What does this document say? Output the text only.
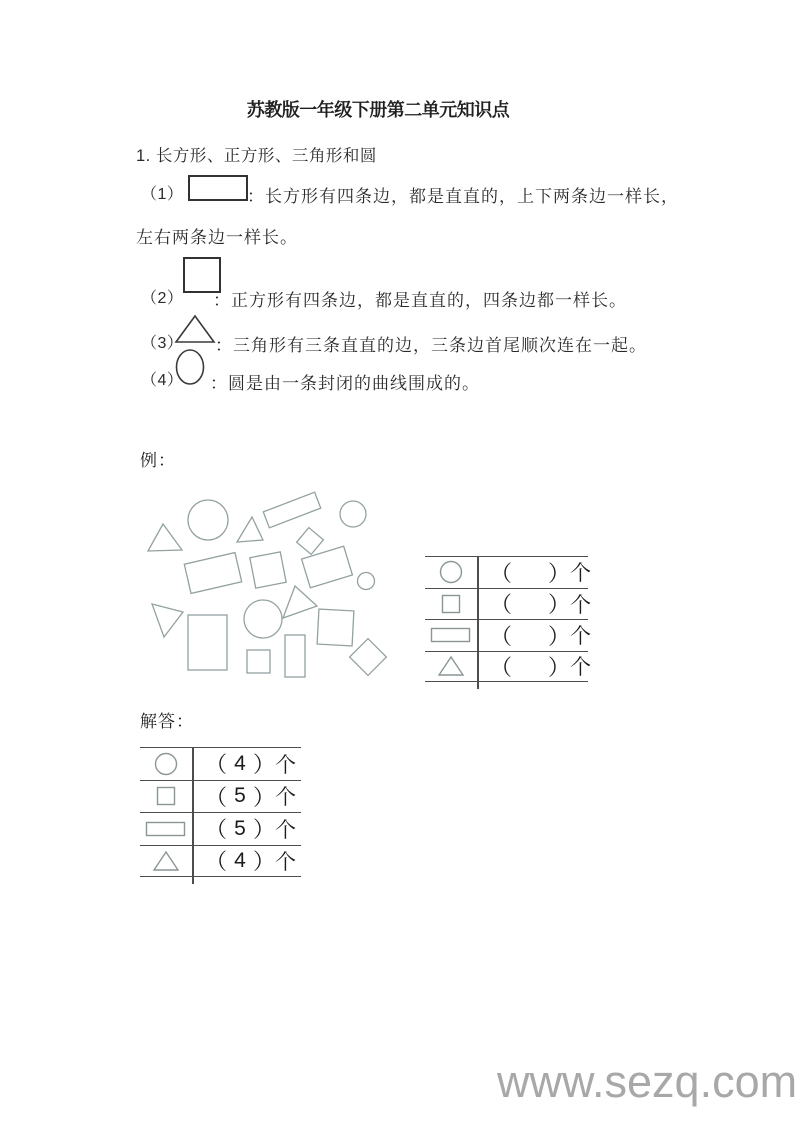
苏教版一年级下册第二单元知识点
1. 长方形、正方形、三角形和圆
（1）	：长方形有四条边，都是直直的，上下两条边一样长，
左右两条边一样长。
（2） ：正方形有四条边，都是直直的，四条边都一样长。
（3） ：三角形有三条直直的边，三条边首尾顺次连在一起。
（4） ：圆是由一条封闭的曲线围成的。
例：
（ ） 个
（ ） 个
（ ） 个
（ ） 个
解答：
（ 4 ） 个
（ 5 ） 个
（ 5 ） 个
（ 4 ） 个
www.sezq.com
